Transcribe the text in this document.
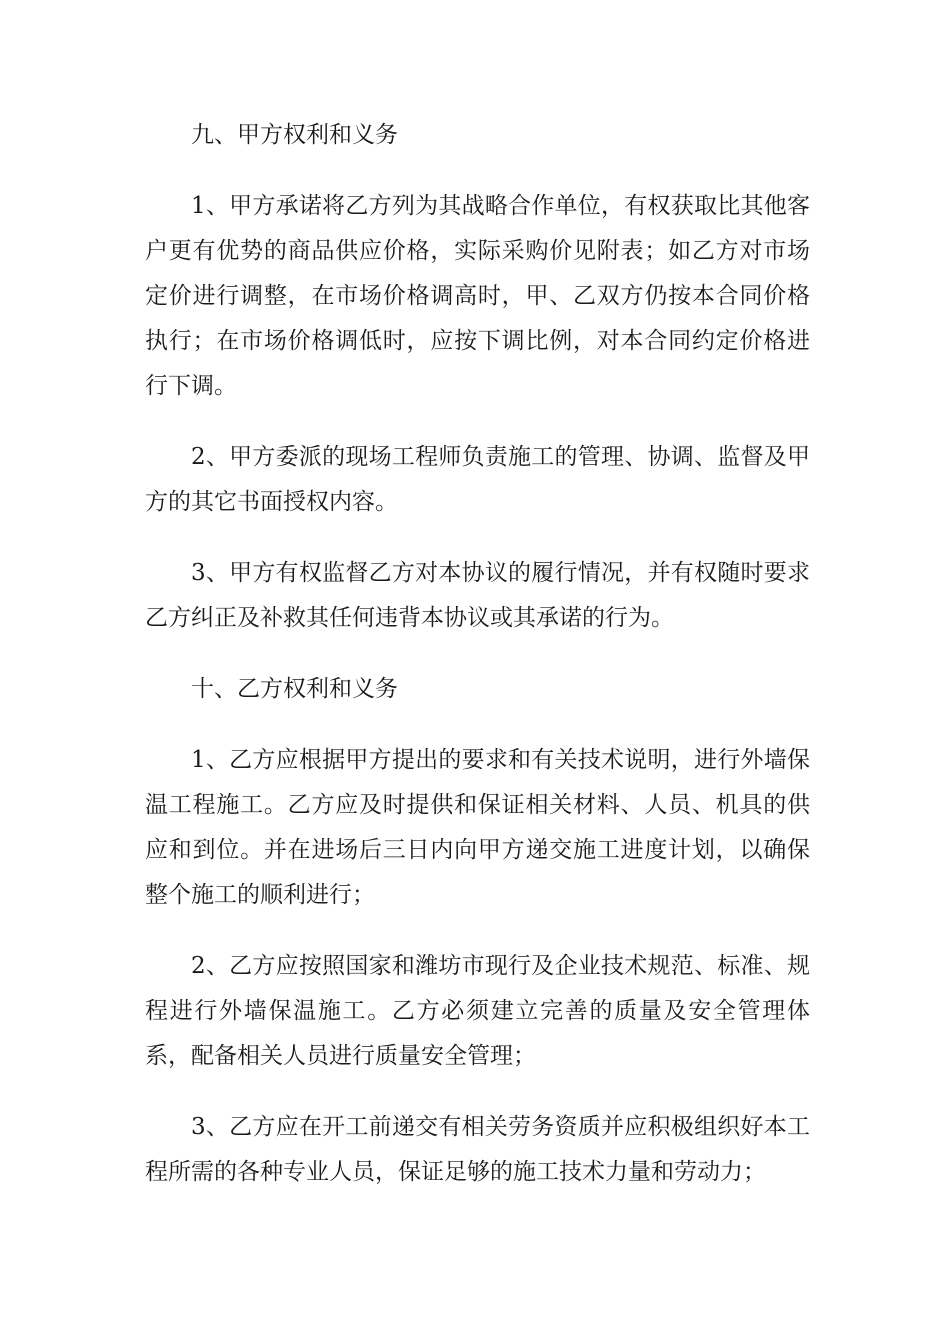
九、甲方权利和义务

1、甲方承诺将乙方列为其战略合作单位，有权获取比其他客户更有优势的商品供应价格，实际采购价见附表；如乙方对市场定价进行调整，在市场价格调高时，甲、乙双方仍按本合同价格执行；在市场价格调低时，应按下调比例，对本合同约定价格进行下调。

2、甲方委派的现场工程师负责施工的管理、协调、监督及甲方的其它书面授权内容。

3、甲方有权监督乙方对本协议的履行情况，并有权随时要求乙方纠正及补救其任何违背本协议或其承诺的行为。

十、乙方权利和义务

1、乙方应根据甲方提出的要求和有关技术说明，进行外墙保温工程施工。乙方应及时提供和保证相关材料、人员、机具的供应和到位。并在进场后三日内向甲方递交施工进度计划，以确保整个施工的顺利进行；

2、乙方应按照国家和潍坊市现行及企业技术规范、标准、规程进行外墙保温施工。乙方必须建立完善的质量及安全管理体系，配备相关人员进行质量安全管理；

3、乙方应在开工前递交有相关劳务资质并应积极组织好本工程所需的各种专业人员，保证足够的施工技术力量和劳动力；
